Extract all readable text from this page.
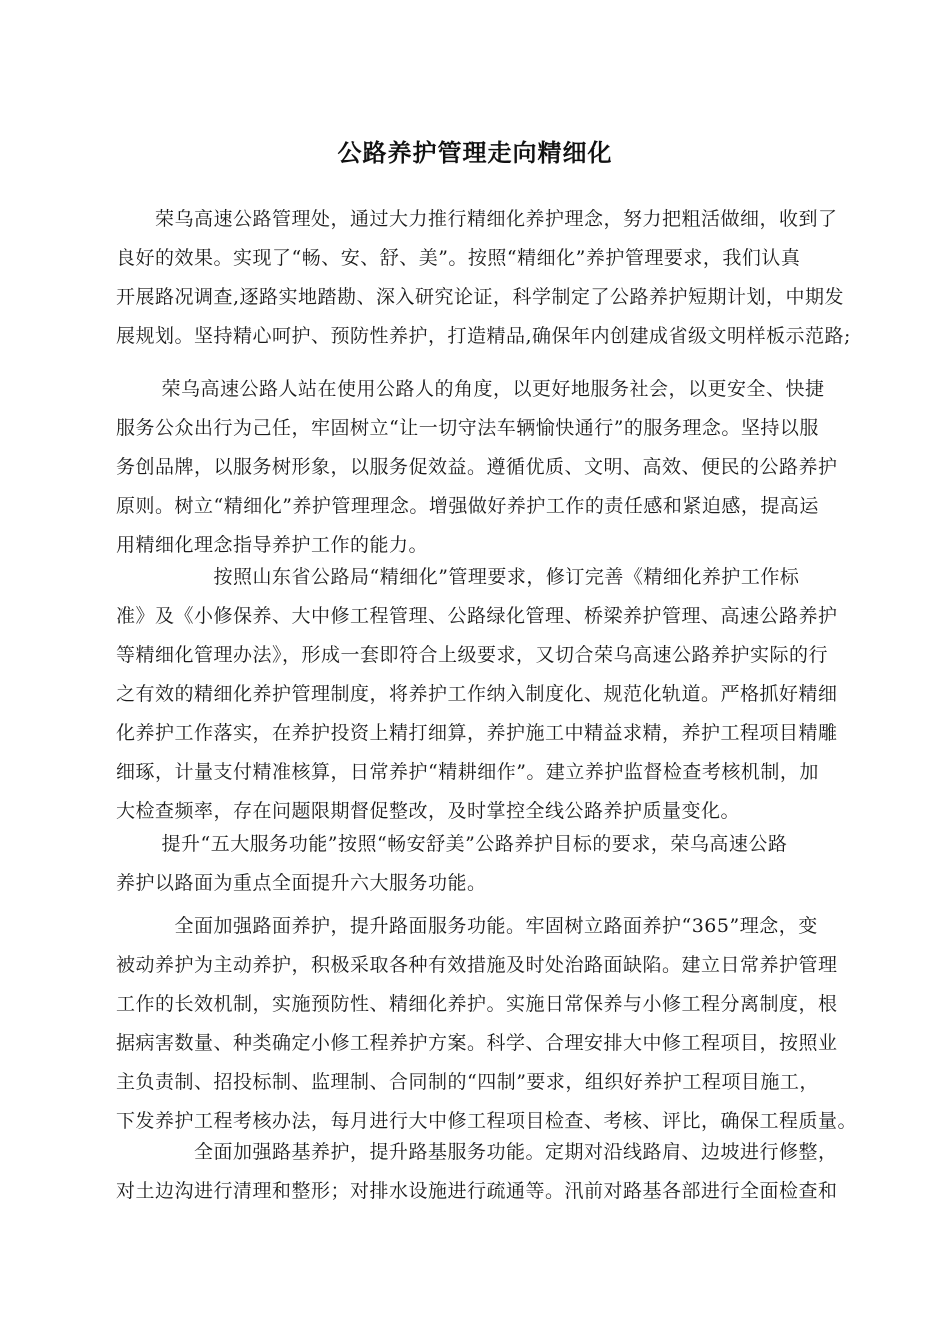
公路养护管理走向精细化
　　荣乌高速公路管理处，通过大力推行精细化养护理念，努力把粗活做细，收到了
良好的效果。实现了“畅、安、舒、美”。按照“精细化”养护管理要求，我们认真
开展路况调查,逐路实地踏勘、深入研究论证，科学制定了公路养护短期计划，中期发
展规划。坚持精心呵护、预防性养护，打造精品,确保年内创建成省级文明样板示范路;
　　 荣乌高速公路人站在使用公路人的角度，以更好地服务社会，以更安全、快捷
服务公众出行为己任，牢固树立“让一切守法车辆愉快通行”的服务理念。坚持以服
务创品牌，以服务树形象，以服务促效益。遵循优质、文明、高效、便民的公路养护
原则。树立“精细化”养护管理理念。增强做好养护工作的责任感和紧迫感，提高运
用精细化理念指导养护工作的能力。
　　　　　按照山东省公路局“精细化”管理要求，修订完善《精细化养护工作标
准》及《小修保养、大中修工程管理、公路绿化管理、桥梁养护管理、高速公路养护
等精细化管理办法》，形成一套即符合上级要求，又切合荣乌高速公路养护实际的行
之有效的精细化养护管理制度，将养护工作纳入制度化、规范化轨道。严格抓好精细
化养护工作落实，在养护投资上精打细算，养护施工中精益求精，养护工程项目精雕
细琢，计量支付精准核算，日常养护“精耕细作”。建立养护监督检查考核机制，加
大检查频率，存在问题限期督促整改，及时掌控全线公路养护质量变化。
　　 提升“五大服务功能”按照“畅安舒美”公路养护目标的要求，荣乌高速公路
养护以路面为重点全面提升六大服务功能。
　　　全面加强路面养护，提升路面服务功能。牢固树立路面养护“365”理念，变
被动养护为主动养护，积极采取各种有效措施及时处治路面缺陷。建立日常养护管理
工作的长效机制，实施预防性、精细化养护。实施日常保养与小修工程分离制度，根
据病害数量、种类确定小修工程养护方案。科学、合理安排大中修工程项目，按照业
主负责制、招投标制、监理制、合同制的“四制”要求，组织好养护工程项目施工，
下发养护工程考核办法，每月进行大中修工程项目检查、考核、评比，确保工程质量。
　　　　全面加强路基养护，提升路基服务功能。定期对沿线路肩、边坡进行修整，
对土边沟进行清理和整形；对排水设施进行疏通等。汛前对路基各部进行全面检查和
